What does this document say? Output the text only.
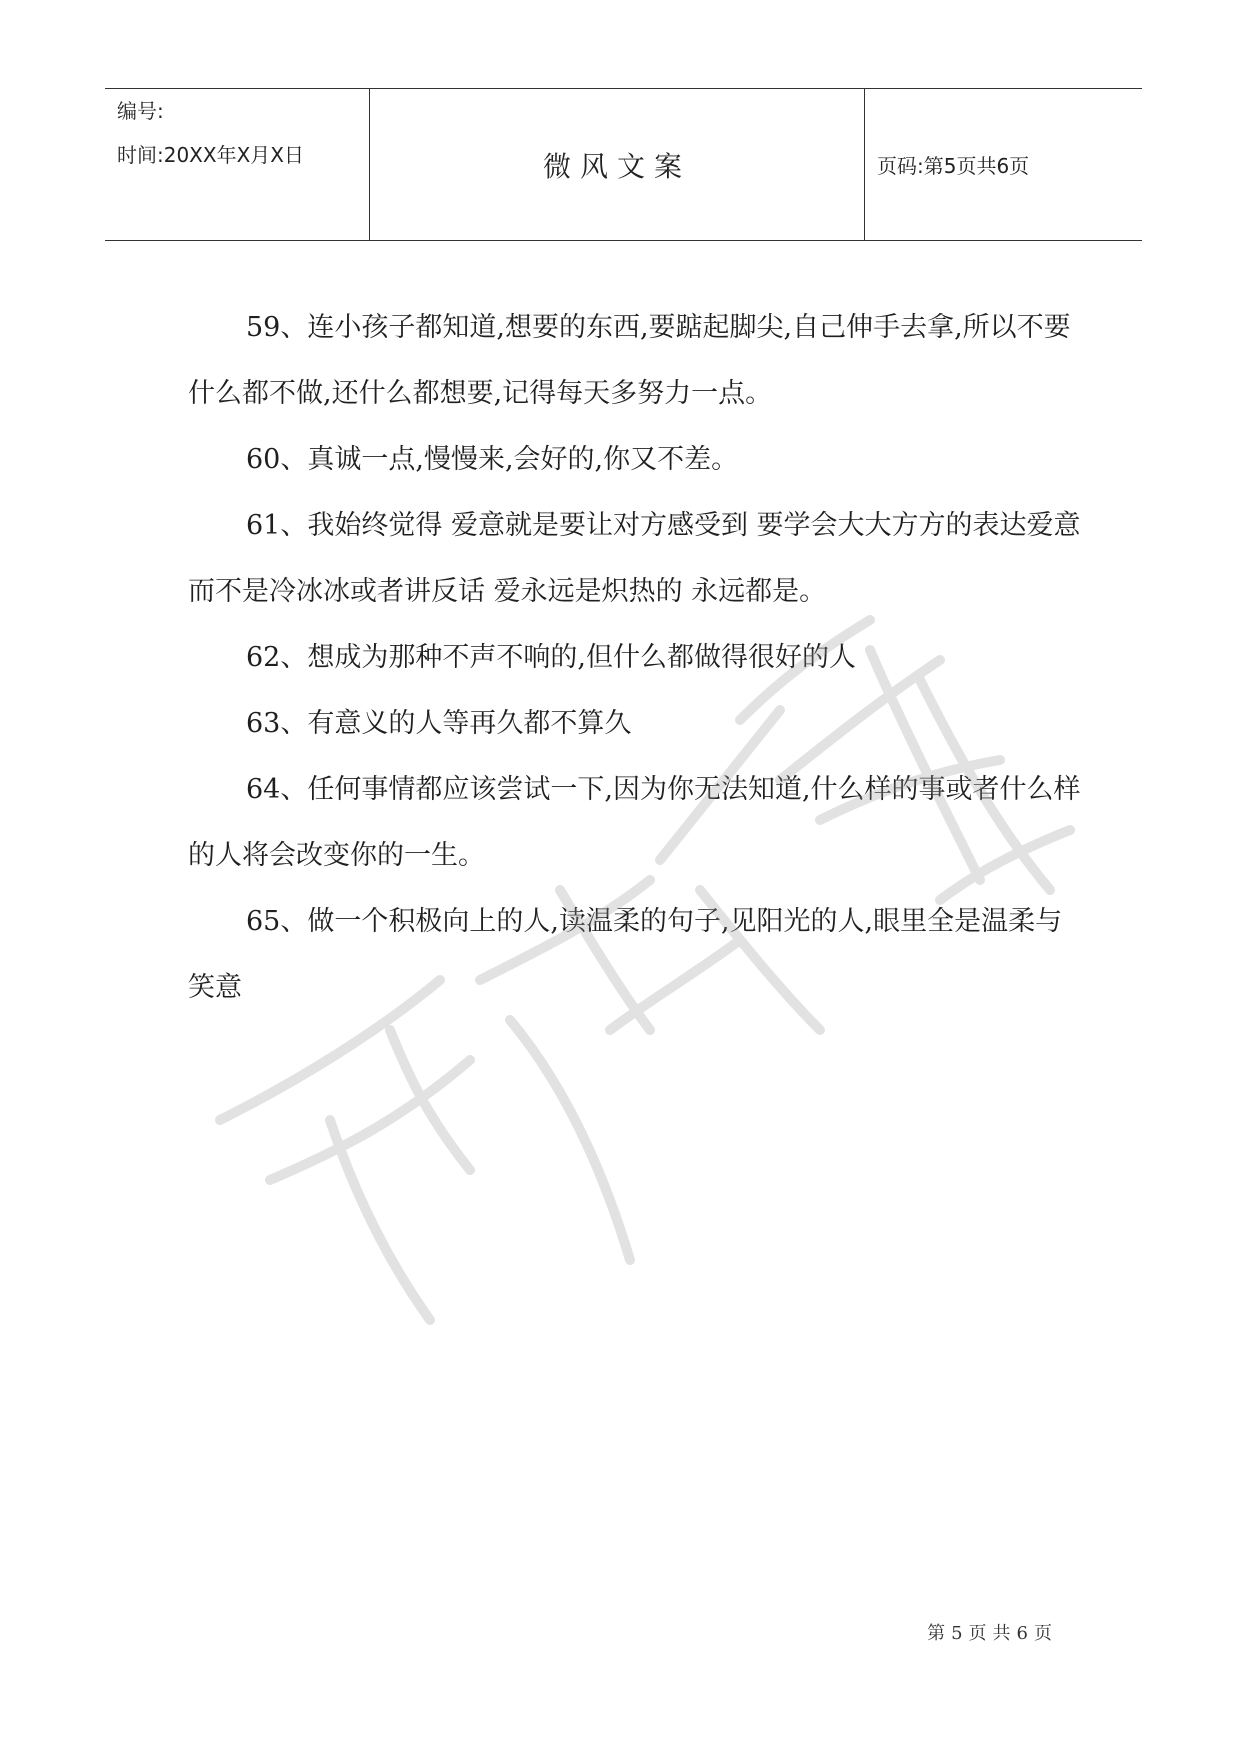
编号:
时间:20XX年X月X日	微风文案	页码:第5页共6页

59、连小孩子都知道,想要的东西,要踮起脚尖,自己伸手去拿,所以不要什么都不做,还什么都想要,记得每天多努力一点。

60、真诚一点,慢慢来,会好的,你又不差。

61、我始终觉得 爱意就是要让对方感受到 要学会大大方方的表达爱意 而不是冷冰冰或者讲反话 爱永远是炽热的 永远都是。

62、想成为那种不声不响的,但什么都做得很好的人

63、有意义的人等再久都不算久

64、任何事情都应该尝试一下,因为你无法知道,什么样的事或者什么样的人将会改变你的一生。

65、做一个积极向上的人,读温柔的句子,见阳光的人,眼里全是温柔与笑意

第5页共6页
